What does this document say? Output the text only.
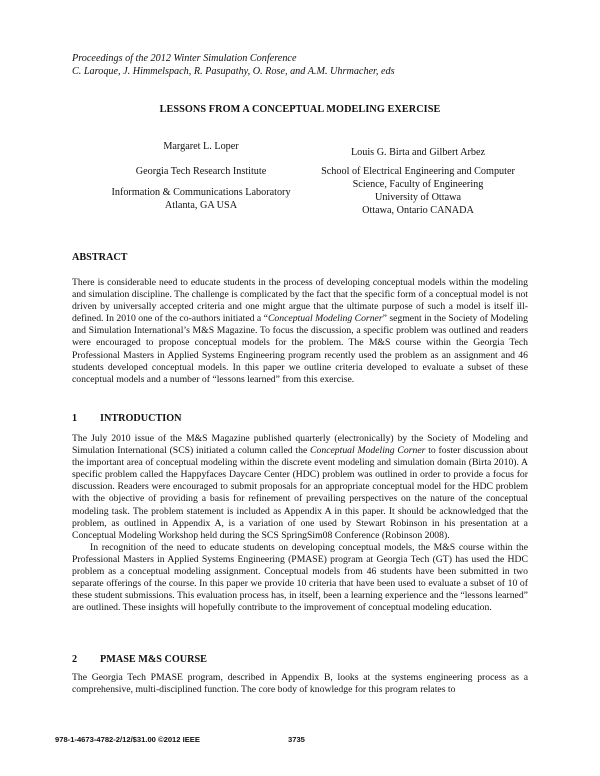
Proceedings of the 2012 Winter Simulation Conference
C. Laroque, J. Himmelspach, R. Pasupathy, O. Rose, and A.M. Uhrmacher, eds
LESSONS FROM A CONCEPTUAL MODELING EXERCISE
Margaret L. Loper
Georgia Tech Research Institute
Information & Communications Laboratory
Atlanta, GA USA
Louis G. Birta and Gilbert Arbez
School of Electrical Engineering and Computer
Science, Faculty of Engineering
University of Ottawa
Ottawa, Ontario CANADA
ABSTRACT

There is considerable need to educate students in the process of developing conceptual models within the modeling and simulation discipline. The challenge is complicated by the fact that the specific form of a conceptual model is not driven by universally accepted criteria and one might argue that the ultimate purpose of such a model is itself ill-defined. In 2010 one of the co-authors initiated a “Conceptual Modeling Corner” segment in the Society of Modeling and Simulation International’s M&S Magazine. To focus the discussion, a specific problem was outlined and readers were encouraged to propose conceptual models for the problem. The M&S course within the Georgia Tech Professional Masters in Applied Systems Engineering program recently used the problem as an assignment and 46 students developed conceptual models. In this paper we outline criteria developed to evaluate a subset of these conceptual models and a number of “lessons learned” from this exercise.

1 INTRODUCTION

The July 2010 issue of the M&S Magazine published quarterly (electronically) by the Society of Modeling and Simulation International (SCS) initiated a column called the Conceptual Modeling Corner to foster discussion about the important area of conceptual modeling within the discrete event modeling and simulation domain (Birta 2010). A specific problem called the Happyfaces Daycare Center (HDC) problem was outlined in order to provide a focus for discussion. Readers were encouraged to submit proposals for an appropriate conceptual model for the HDC problem with the objective of providing a basis for refinement of prevailing perspectives on the nature of the conceptual modeling task. The problem statement is included as Appendix A in this paper. It should be acknowledged that the problem, as outlined in Appendix A, is a variation of one used by Stewart Robinson in his presentation at a Conceptual Modeling Workshop held during the SCS SpringSim08 Conference (Robinson 2008).

In recognition of the need to educate students on developing conceptual models, the M&S course within the Professional Masters in Applied Systems Engineering (PMASE) program at Georgia Tech (GT) has used the HDC problem as a conceptual modeling assignment. Conceptual models from 46 students have been submitted in two separate offerings of the course. In this paper we provide 10 criteria that have been used to evaluate a subset of 10 of these student submissions. This evaluation process has, in itself, been a learning experience and the “lessons learned” are outlined. These insights will hopefully contribute to the improvement of conceptual modeling education.

2 PMASE M&S COURSE

The Georgia Tech PMASE program, described in Appendix B, looks at the systems engineering process as a comprehensive, multi-disciplined function. The core body of knowledge for this program relates to

978-1-4673-4782-2/12/$31.00 ©2012 IEEE	3735
